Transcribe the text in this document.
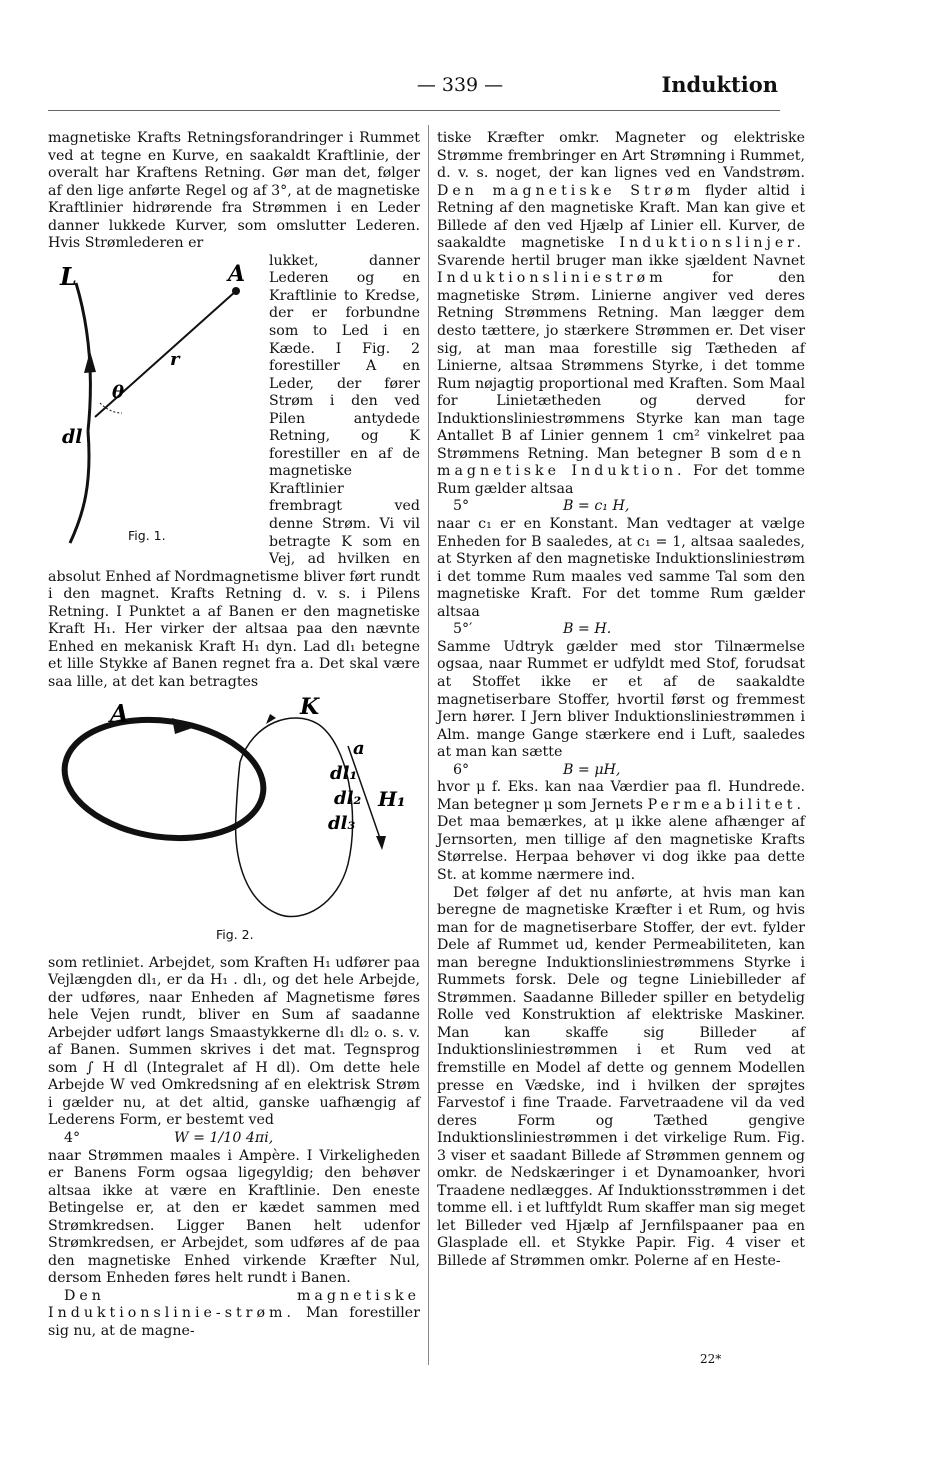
— 339 —	Induktion

magnetiske Krafts Retningsforandringer i Rummet ved at tegne en Kurve, en saakaldt Kraftlinie, der overalt har Kraftens Retning. Gør man det, følger af den lige anførte Regel og af 3°, at de magnetiske Kraftlinier hidrørende fra Strømmen i en Leder danner lukkede Kurver, som omslutter Lederen. Hvis Strømlederen er

L	A
θ
r
dl
Fig. 1.

lukket, danner Lederen og en Kraftlinie to Kredse, der er forbundne som to Led i en Kæde. I Fig. 2 forestiller A en Leder, der fører Strøm i den ved Pilen antydede Retning, og K forestiller en af de magnetiske Kraftlinier frembragt ved denne Strøm. Vi vil betragte K som en Vej, ad hvilken en absolut Enhed af Nordmagnetisme bliver ført rundt i den magnet. Krafts Retning d. v. s. i Pilens Retning. I Punktet a af Banen er den magnetiske Kraft H₁. Her virker der altsaa paa den nævnte Enhed en mekanisk Kraft H₁ dyn. Lad dl₁ betegne et lille Stykke af Banen regnet fra a. Det skal være saa lille, at det kan betragtes

A	K
a
dl₁
dl₂
dl₃
H₁
Fig. 2.

som retliniet. Arbejdet, som Kraften H₁ udfører paa Vejlængden dl₁, er da H₁ . dl₁, og det hele Arbejde, der udføres, naar Enheden af Magnetisme føres hele Vejen rundt, bliver en Sum af saadanne Arbejder udført langs Smaastykkerne dl₁ dl₂ o. s. v. af Banen. Summen skrives i det mat. Tegnsprog som ∫ H dl (Integralet af H dl). Om dette hele Arbejde W ved Omkredsning af en elektrisk Strøm i gælder nu, at det altid, ganske uafhængig af Lederens Form, er bestemt ved

4°	W = 1/10 4πi,

naar Strømmen maales i Ampère. I Virkeligheden er Banens Form ogsaa ligegyldig; den behøver altsaa ikke at være en Kraftlinie. Den eneste Betingelse er, at den er kædet sammen med Strømkredsen. Ligger Banen helt udenfor Strømkredsen, er Arbejdet, som udføres af de paa den magnetiske Enhed virkende Kræfter Nul, dersom Enheden føres helt rundt i Banen.

Den magnetiske Induktionslinie-strøm. Man forestiller sig nu, at de magne-

tiske Kræfter omkr. Magneter og elektriske Strømme frembringer en Art Strømning i Rummet, d. v. s. noget, der kan lignes ved en Vandstrøm. Den magnetiske Strøm flyder altid i Retning af den magnetiske Kraft. Man kan give et Billede af den ved Hjælp af Linier ell. Kurver, de saakaldte magnetiske Induktionslinjer. Svarende hertil bruger man ikke sjældent Navnet Induktionsliniestrøm	for den magnetiske Strøm. Linierne angiver ved deres Retning Strømmens Retning. Man lægger dem desto tættere, jo stærkere Strømmen er. Det viser sig, at man maa forestille sig Tætheden af Linierne, altsaa Strømmens Styrke, i det tomme Rum nøjagtig proportional med Kraften. Som Maal for Linietætheden og derved for Induktionsliniestrømmens Styrke kan man tage Antallet B af Linier gennem 1 cm² vinkelret paa Strømmens Retning. Man betegner B som den magnetiske Induktion. For det tomme Rum gælder altsaa

5°	B = c₁ H,

naar c₁ er en Konstant. Man vedtager at vælge Enheden for B saaledes, at c₁ = 1, altsaa saaledes, at Styrken af den magnetiske Induktionsliniestrøm i det tomme Rum maales ved samme Tal som den magnetiske Kraft. For det tomme Rum gælder altsaa

5°′	B = H.

Samme Udtryk gælder med stor Tilnærmelse ogsaa, naar Rummet er udfyldt med Stof, forudsat at Stoffet ikke er et af de saakaldte magnetiserbare Stoffer, hvortil først og fremmest Jern hører. I Jern bliver Induktionsliniestrømmen i Alm. mange Gange stærkere end i Luft, saaledes at man kan sætte

6°	B = μH,

hvor μ f. Eks. kan naa Værdier paa fl. Hundrede. Man betegner μ som Jernets Permeabilitet. Det maa bemærkes, at μ ikke alene afhænger af Jernsorten, men tillige af den magnetiske Krafts Størrelse. Herpaa behøver vi dog ikke paa dette St. at komme nærmere ind.

Det følger af det nu anførte, at hvis man kan beregne de magnetiske Kræfter i et Rum, og hvis man for de magnetiserbare Stoffer, der evt. fylder Dele af Rummet ud, kender Permeabiliteten, kan man beregne Induktionsliniestrømmens Styrke i Rummets forsk. Dele og tegne Liniebilleder af Strømmen. Saadanne Billeder spiller en betydelig Rolle ved Konstruktion af elektriske Maskiner. Man kan skaffe sig Billeder af Induktionsliniestrømmen i et Rum ved at fremstille en Model af dette og gennem Modellen presse en Vædske, ind i hvilken der sprøjtes Farvestof i fine Traade. Farvetraadene vil da ved deres Form og Tæthed gengive Induktionsliniestrømmen i det virkelige Rum. Fig. 3 viser et saadant Billede af Strømmen gennem og omkr. de Nedskæringer i et Dynamoanker, hvori Traadene nedlægges. Af Induktionsstrømmen i det tomme ell. i et luftfyldt Rum skaffer man sig meget let Billeder ved Hjælp af Jernfilspaaner paa en Glasplade ell. et Stykke Papir. Fig. 4 viser et Billede af Strømmen omkr. Polerne af en Heste-

22*
